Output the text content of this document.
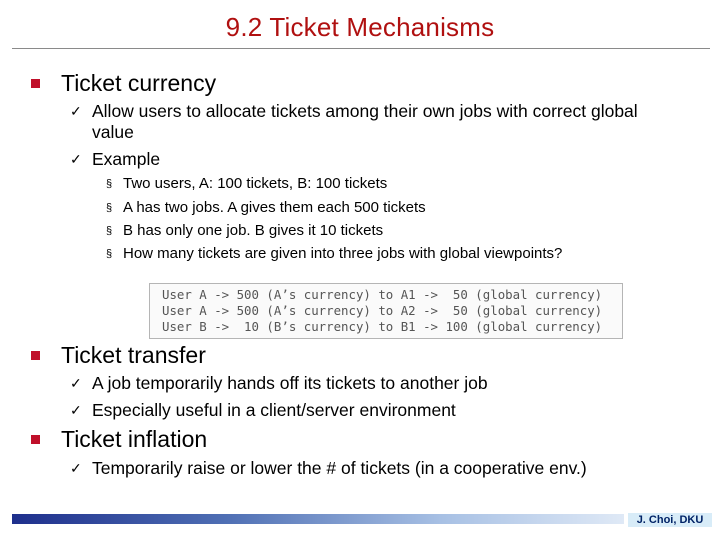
9.2 Ticket Mechanisms
Ticket currency
✓ Allow users to allocate tickets among their own jobs with correct global value
✓ Example
§ Two users, A: 100 tickets, B: 100 tickets
§ A has two jobs. A gives them each 500 tickets
§ B has only one job. B gives it 10 tickets
§ How many tickets are given into three jobs with global viewpoints?
User A -> 500 (A’s currency) to A1 ->  50 (global currency)
User A -> 500 (A’s currency) to A2 ->  50 (global currency)
User B ->  10 (B’s currency) to B1 -> 100 (global currency)
Ticket transfer
✓ A job temporarily hands off its tickets to another job
✓ Especially useful in a client/server environment
Ticket inflation
✓ Temporarily raise or lower the # of tickets (in a cooperative env.)
J. Choi, DKU
